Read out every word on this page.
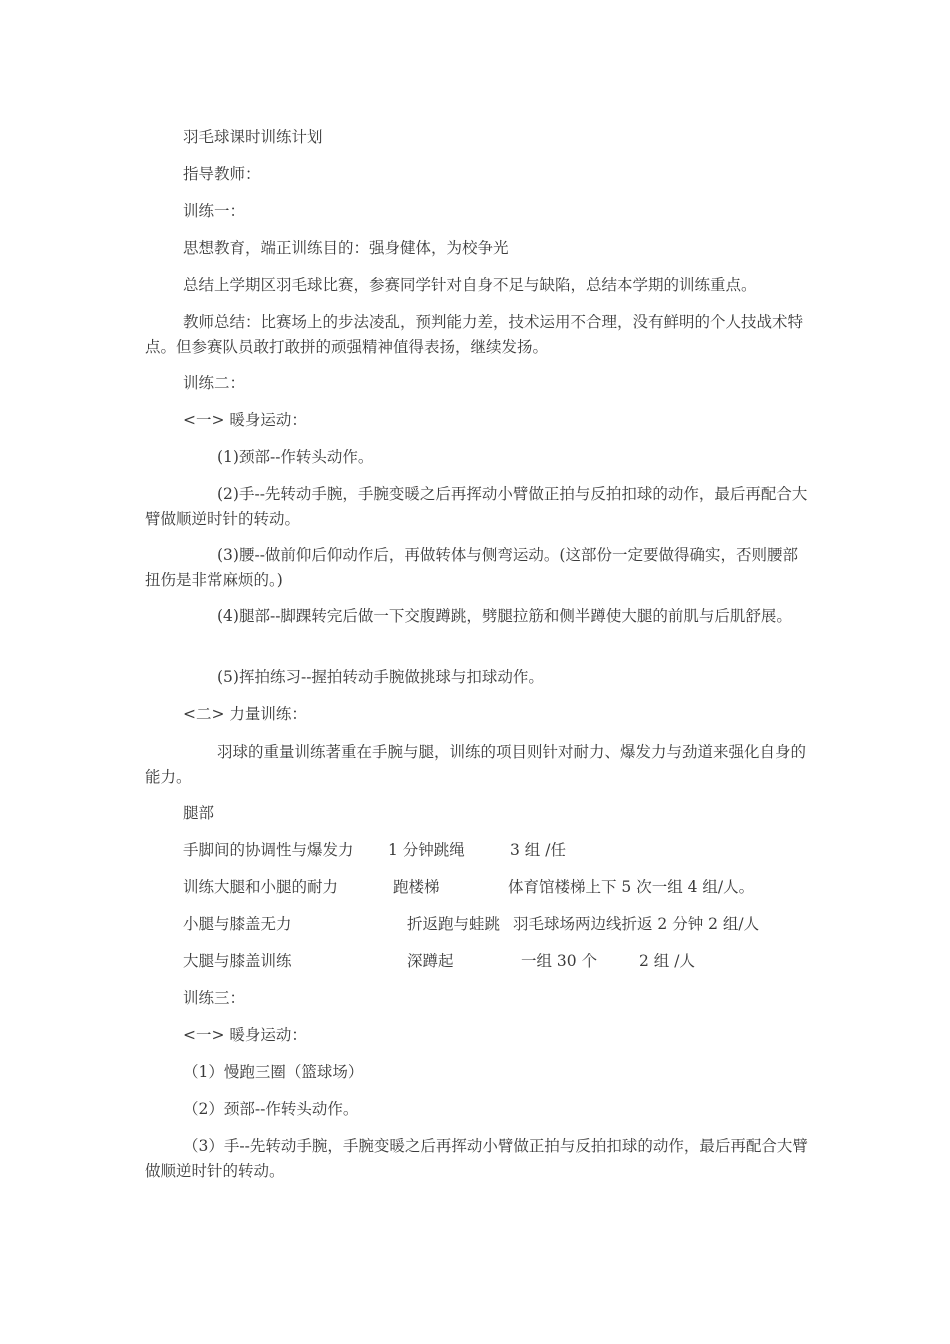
羽毛球课时训练计划

指导教师：

训练一：

思想教育，端正训练目的：强身健体，为校争光

总结上学期区羽毛球比赛，参赛同学针对自身不足与缺陷，总结本学期的训练重点。

教师总结：比赛场上的步法凌乱，预判能力差，技术运用不合理，没有鲜明的个人技战术特点。但参赛队员敢打敢拼的顽强精神值得表扬，继续发扬。

训练二：

<一> 暖身运动：

(1)颈部--作转头动作。

(2)手--先转动手腕，手腕变暖之后再挥动小臂做正拍与反拍扣球的动作，最后再配合大臂做顺逆时针的转动。

(3)腰--做前仰后仰动作后，再做转体与侧弯运动。(这部份一定要做得确实，否则腰部扭伤是非常麻烦的。)

(4)腿部--脚踝转完后做一下交腹蹲跳，劈腿拉筋和侧半蹲使大腿的前肌与后肌舒展。

(5)挥拍练习--握拍转动手腕做挑球与扣球动作。

<二> 力量训练：

羽球的重量训练著重在手腕与腿，训练的项目则针对耐力、爆发力与劲道来强化自身的能力。

腿部

手脚间的协调性与爆发力 1 分钟跳绳	3 组 /任
训练大腿和小腿的耐力	跑楼梯	体育馆楼梯上下 5 次一组 4 组/人。
小腿与膝盖无力	折返跑与蛙跳 羽毛球场两边线折返 2 分钟 2 组/人
大腿与膝盖训练	深蹲起	一组 30 个	2 组 /人

训练三：

<一> 暖身运动：

（1）慢跑三圈（篮球场）

（2）颈部--作转头动作。

（3）手--先转动手腕，手腕变暖之后再挥动小臂做正拍与反拍扣球的动作，最后再配合大臂做顺逆时针的转动。
